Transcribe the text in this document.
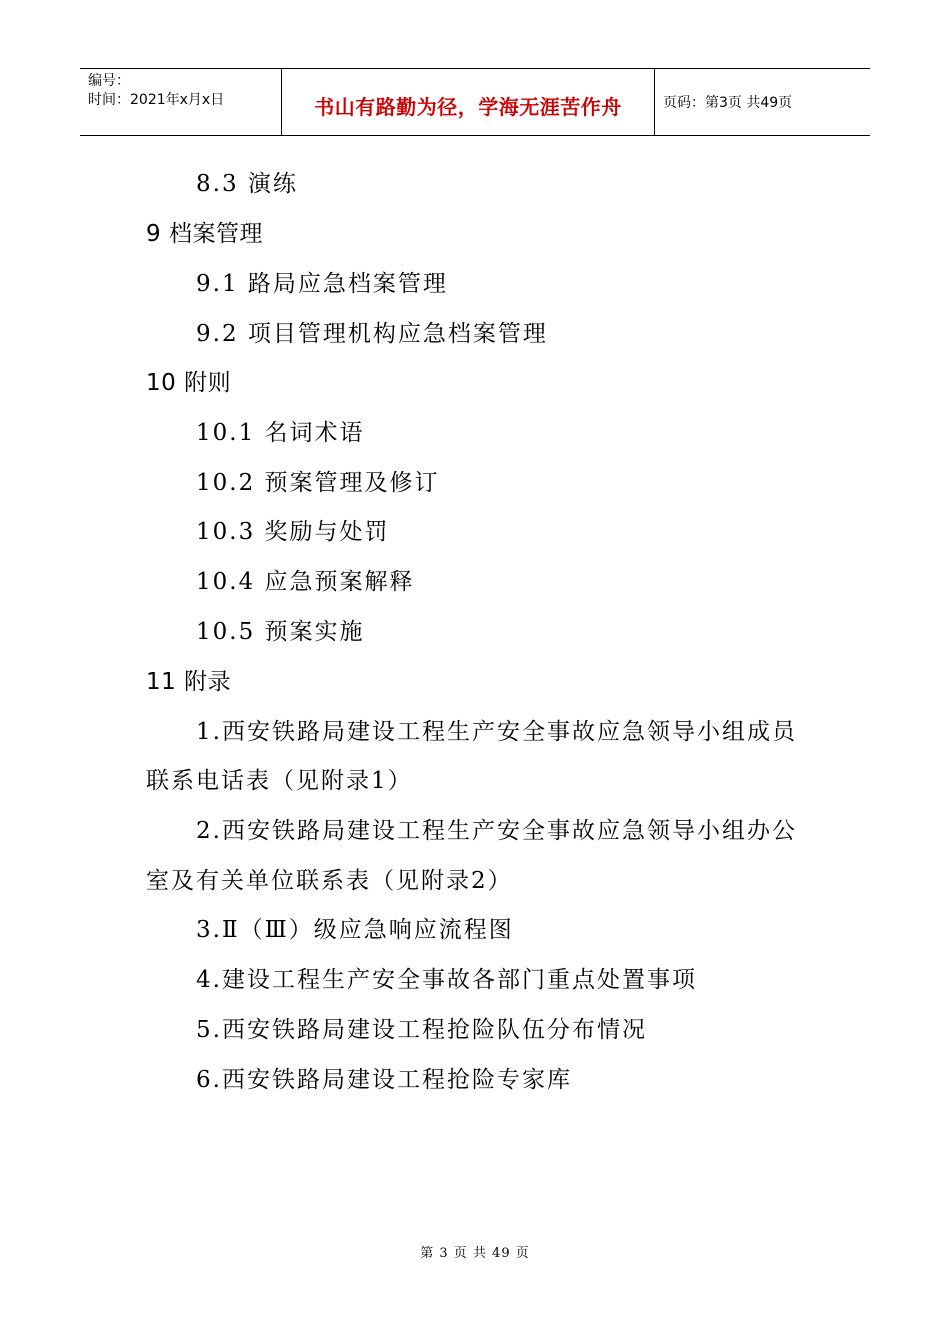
编号：
时间：2021年x月x日	书山有路勤为径，学海无涯苦作舟	页码：第3页 共49页
8.3 演练
9 档案管理
9.1 路局应急档案管理
9.2 项目管理机构应急档案管理
10 附则
10.1 名词术语
10.2 预案管理及修订
10.3 奖励与处罚
10.4 应急预案解释
10.5 预案实施
11 附录
1.西安铁路局建设工程生产安全事故应急领导小组成员
联系电话表（见附录1）
2.西安铁路局建设工程生产安全事故应急领导小组办公
室及有关单位联系表（见附录2）
3.Ⅱ（Ⅲ）级应急响应流程图
4.建设工程生产安全事故各部门重点处置事项
5.西安铁路局建设工程抢险队伍分布情况
6.西安铁路局建设工程抢险专家库
第 3 页 共 49 页
